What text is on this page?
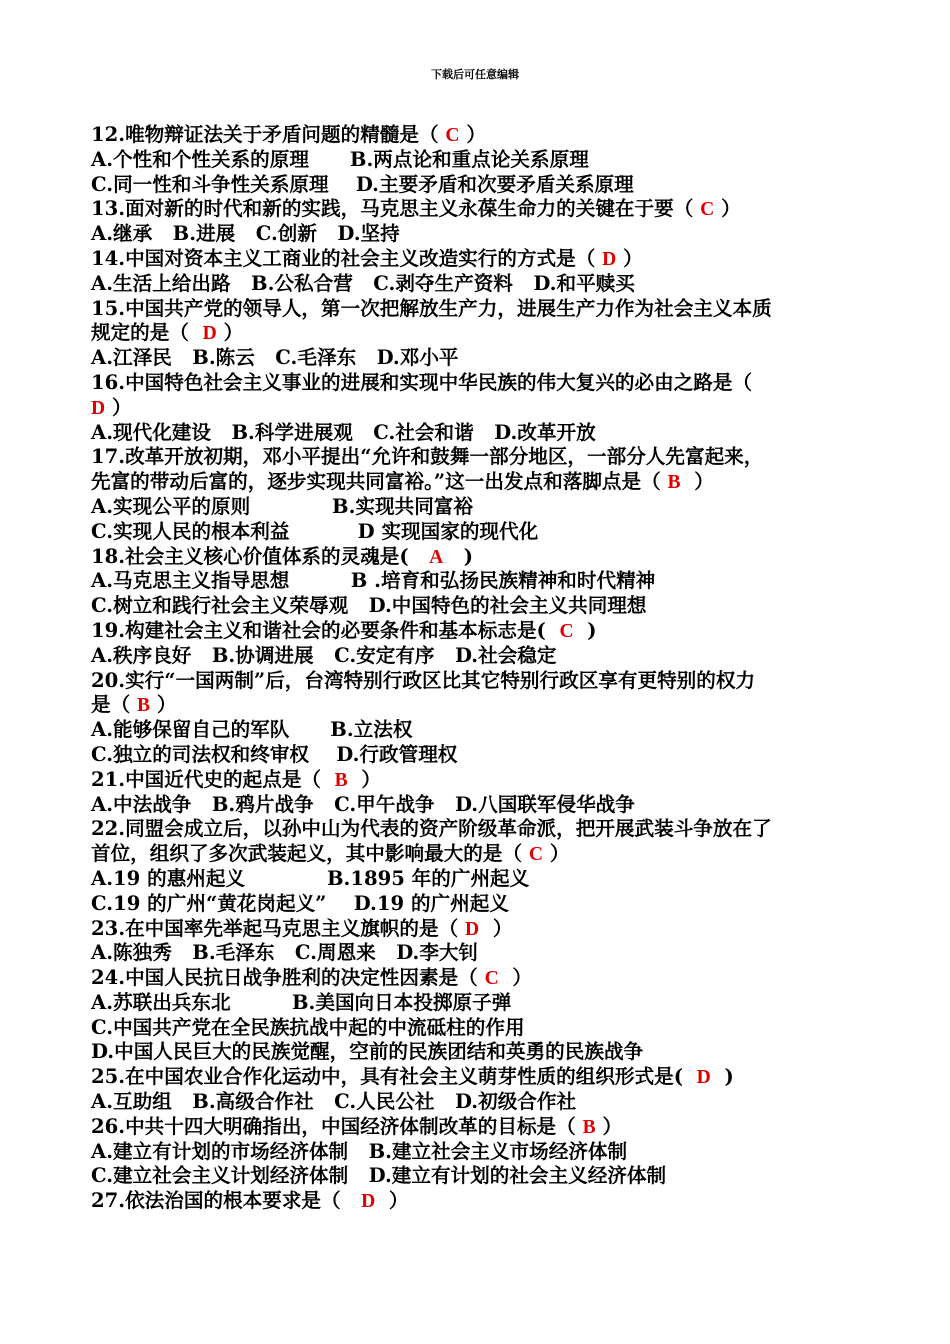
下载后可任意编辑
12.唯物辩证法关于矛盾问题的精髓是（ C ）
A.个性和个性关系的原理      B.两点论和重点论关系原理
C.同一性和斗争性关系原理    D.主要矛盾和次要矛盾关系原理
13.面对新的时代和新的实践，马克思主义永葆生命力的关键在于要（ C ）
A.继承   B.进展   C.创新   D.坚持
14.中国对资本主义工商业的社会主义改造实行的方式是（ D ）
A.生活上给出路   B.公私合营   C.剥夺生产资料   D.和平赎买
15.中国共产党的领导人，第一次把解放生产力，进展生产力作为社会主义本质
规定的是（  D ）
A.江泽民   B.陈云   C.毛泽东   D.邓小平
16.中国特色社会主义事业的进展和实现中华民族的伟大复兴的必由之路是（
D ）
A.现代化建设   B.科学进展观   C.社会和谐   D.改革开放
17.改革开放初期，邓小平提出“允许和鼓舞一部分地区，一部分人先富起来，
先富的带动后富的，逐步实现共同富裕。”这一出发点和落脚点是（ B  ）
A.实现公平的原则            B.实现共同富裕
C.实现人民的根本利益          D 实现国家的现代化
18.社会主义核心价值体系的灵魂是(   A   )
A.马克思主义指导思想         B .培育和弘扬民族精神和时代精神
C.树立和践行社会主义荣辱观   D.中国特色的社会主义共同理想
19.构建社会主义和谐社会的必要条件和基本标志是(  C  )
A.秩序良好   B.协调进展   C.安定有序   D.社会稳定
20.实行“一国两制”后，台湾特别行政区比其它特别行政区享有更特别的权力
是（ B ）
A.能够保留自己的军队      B.立法权
C.独立的司法权和终审权    D.行政管理权
21.中国近代史的起点是（  B  ）
A.中法战争   B.鸦片战争   C.甲午战争   D.八国联军侵华战争
22.同盟会成立后，以孙中山为代表的资产阶级革命派，把开展武装斗争放在了
首位，组织了多次武装起义，其中影响最大的是（ C ）
A.19 的惠州起义            B.1895 年的广州起义
C.19 的广州“黄花岗起义”    D.19 的广州起义
23.在中国率先举起马克思主义旗帜的是（ D  ）
A.陈独秀   B.毛泽东   C.周恩来   D.李大钊
24.中国人民抗日战争胜利的决定性因素是（ C  ）
A.苏联出兵东北         B.美国向日本投掷原子弹
C.中国共产党在全民族抗战中起的中流砥柱的作用
D.中国人民巨大的民族觉醒，空前的民族团结和英勇的民族战争
25.在中国农业合作化运动中，具有社会主义萌芽性质的组织形式是(  D  )
A.互助组   B.高级合作社   C.人民公社   D.初级合作社
26.中共十四大明确指出，中国经济体制改革的目标是（ B ）
A.建立有计划的市场经济体制   B.建立社会主义市场经济体制
C.建立社会主义计划经济体制   D.建立有计划的社会主义经济体制
27.依法治国的根本要求是（   D  ）
